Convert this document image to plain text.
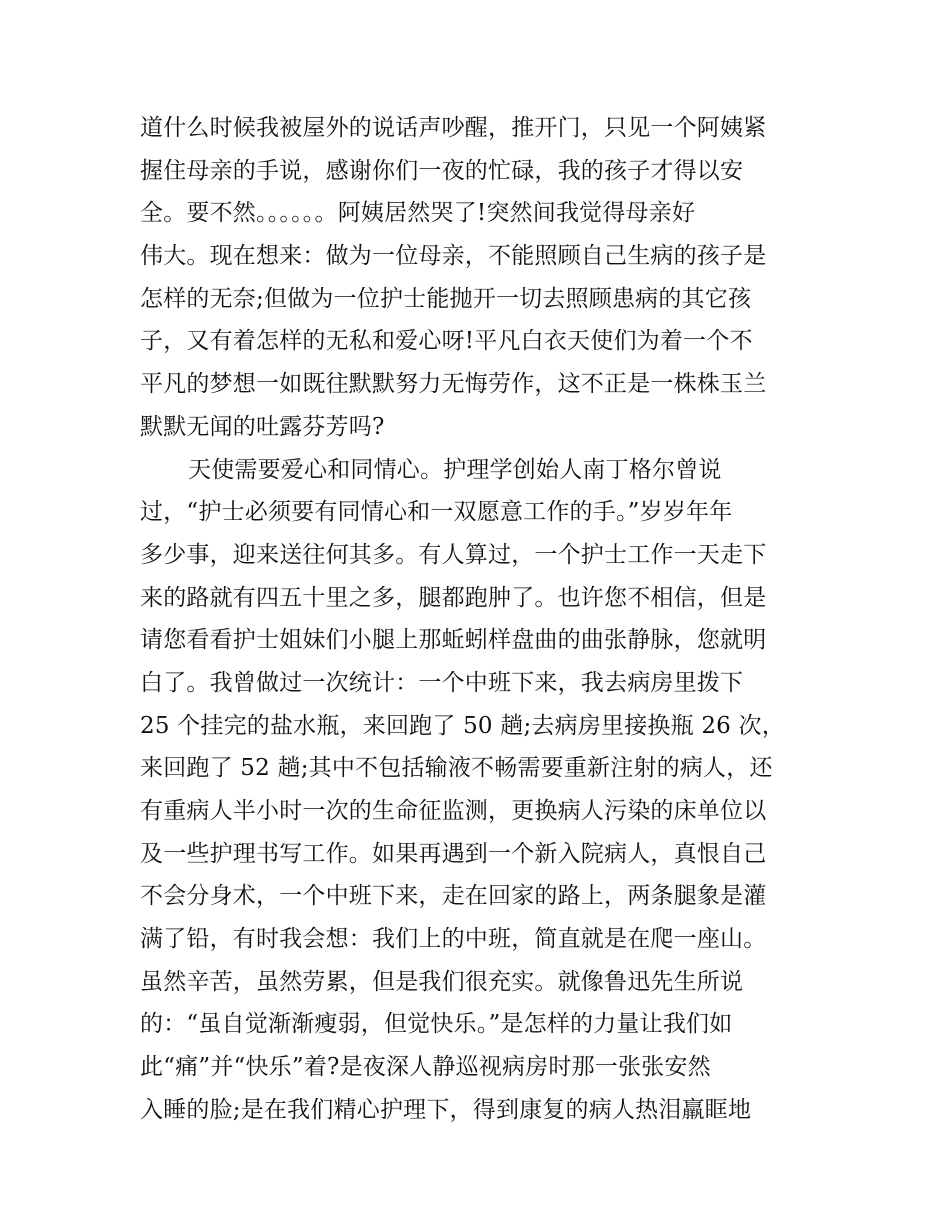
道什么时候我被屋外的说话声吵醒，推开门，只见一个阿姨紧
握住母亲的手说，感谢你们一夜的忙碌，我的孩子才得以安
全。要不然。。。。。。阿姨居然哭了!突然间我觉得母亲好
伟大。现在想来：做为一位母亲，不能照顾自己生病的孩子是
怎样的无奈;但做为一位护士能抛开一切去照顾患病的其它孩
子，又有着怎样的无私和爱心呀!平凡白衣天使们为着一个不
平凡的梦想一如既往默默努力无悔劳作，这不正是一株株玉兰
默默无闻的吐露芬芳吗?
天使需要爱心和同情心。护理学创始人南丁格尔曾说
过，“护士必须要有同情心和一双愿意工作的手。”岁岁年年
多少事，迎来送往何其多。有人算过，一个护士工作一天走下
来的路就有四五十里之多，腿都跑肿了。也许您不相信，但是
请您看看护士姐妹们小腿上那蚯蚓样盘曲的曲张静脉，您就明
白了。我曾做过一次统计：一个中班下来，我去病房里拨下
25 个挂完的盐水瓶，来回跑了 50 趟;去病房里接换瓶 26 次，
来回跑了 52 趟;其中不包括输液不畅需要重新注射的病人，还
有重病人半小时一次的生命征监测，更换病人污染的床单位以
及一些护理书写工作。如果再遇到一个新入院病人，真恨自己
不会分身术，一个中班下来，走在回家的路上，两条腿象是灌
满了铅，有时我会想：我们上的中班，简直就是在爬一座山。
虽然辛苦，虽然劳累，但是我们很充实。就像鲁迅先生所说
的：“虽自觉渐渐瘦弱，但觉快乐。”是怎样的力量让我们如
此“痛”并“快乐”着?是夜深人静巡视病房时那一张张安然
入睡的脸;是在我们精心护理下，得到康复的病人热泪羸眶地
